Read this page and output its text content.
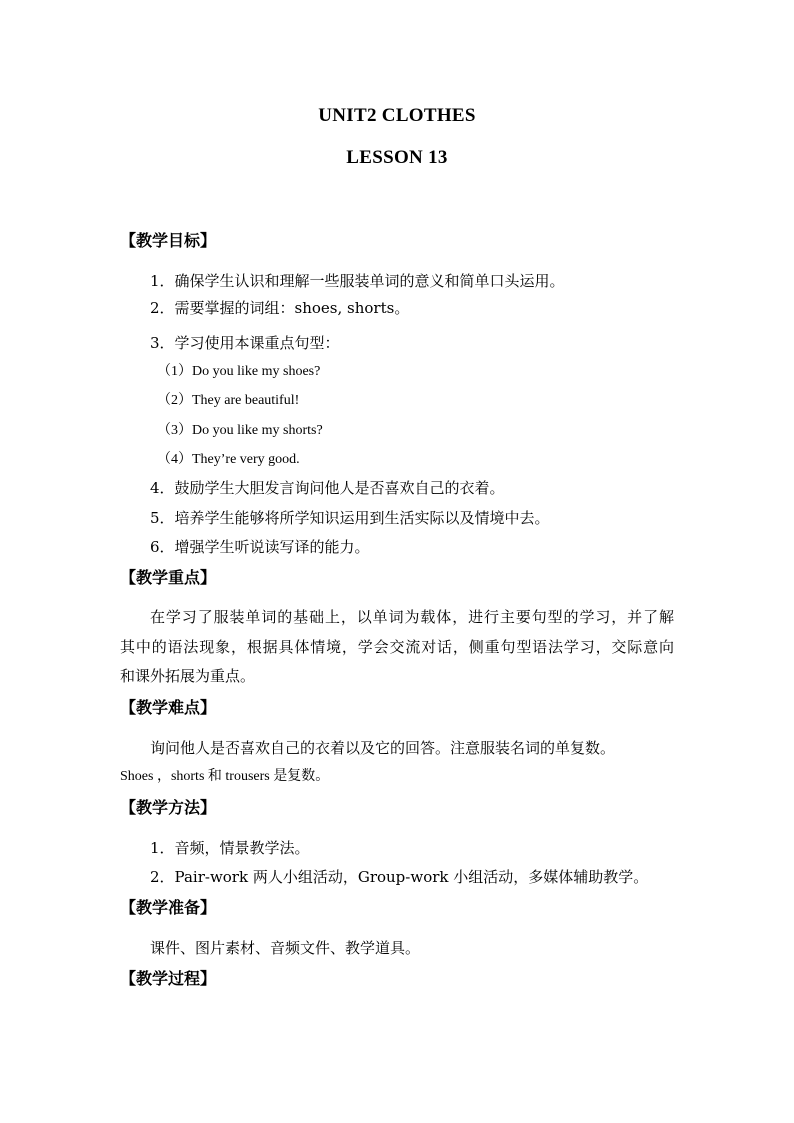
UNIT2 CLOTHES
LESSON 13
【教学目标】
1．确保学生认识和理解一些服装单词的意义和简单口头运用。
2．需要掌握的词组：shoes, shorts。
3．学习使用本课重点句型：
（1）Do you like my shoes?
（2）They are beautiful!
（3）Do you like my shorts?
（4）They’re very good.
4．鼓励学生大胆发言询问他人是否喜欢自己的衣着。
5．培养学生能够将所学知识运用到生活实际以及情境中去。
6．增强学生听说读写译的能力。
【教学重点】
在学习了服装单词的基础上，以单词为载体，进行主要句型的学习，并了解
其中的语法现象，根据具体情境，学会交流对话，侧重句型语法学习，交际意向
和课外拓展为重点。
【教学难点】
询问他人是否喜欢自己的衣着以及它的回答。注意服装名词的单复数。
Shoes ，shorts 和 trousers 是复数。
【教学方法】
1．音频，情景教学法。
2．Pair-work 两人小组活动，Group-work 小组活动，多媒体辅助教学。
【教学准备】
课件、图片素材、音频文件、教学道具。
【教学过程】
